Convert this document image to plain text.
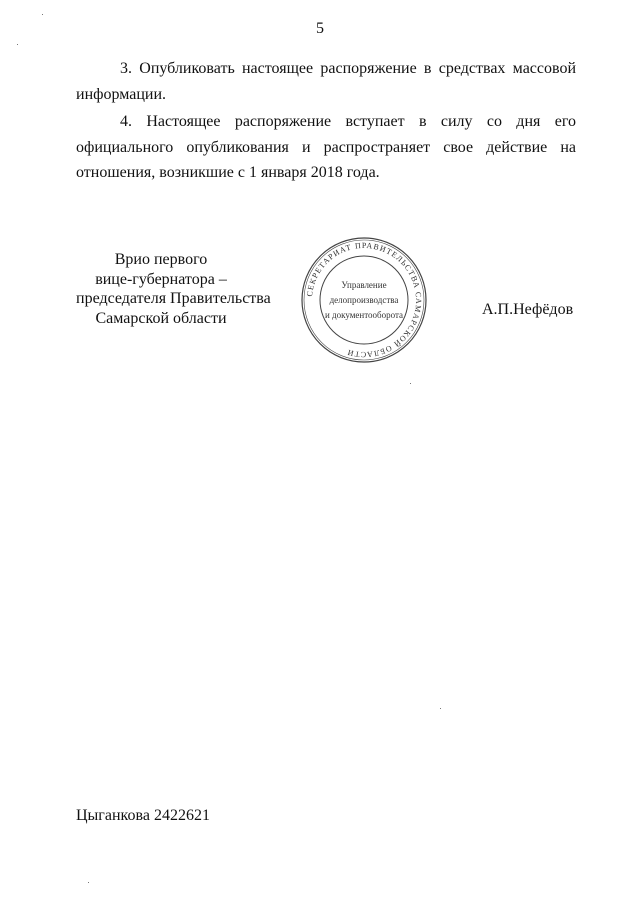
5

3. Опубликовать настоящее распоряжение в средствах массовой информации.

4. Настоящее распоряжение вступает в силу со дня его официального опубликования и распространяет свое действие на отношения, возникшие с 1 января 2018 года.

Врио первого
вице-губернатора –
председателя Правительства
Самарской области
СЕКРЕТАРИАТ ПРАВИТЕЛЬСТВА САМАРСКОЙ ОБЛАСТИ
Управление
делопроизводства
и документооборота	А.П.Нефёдов
Цыганкова 2422621
